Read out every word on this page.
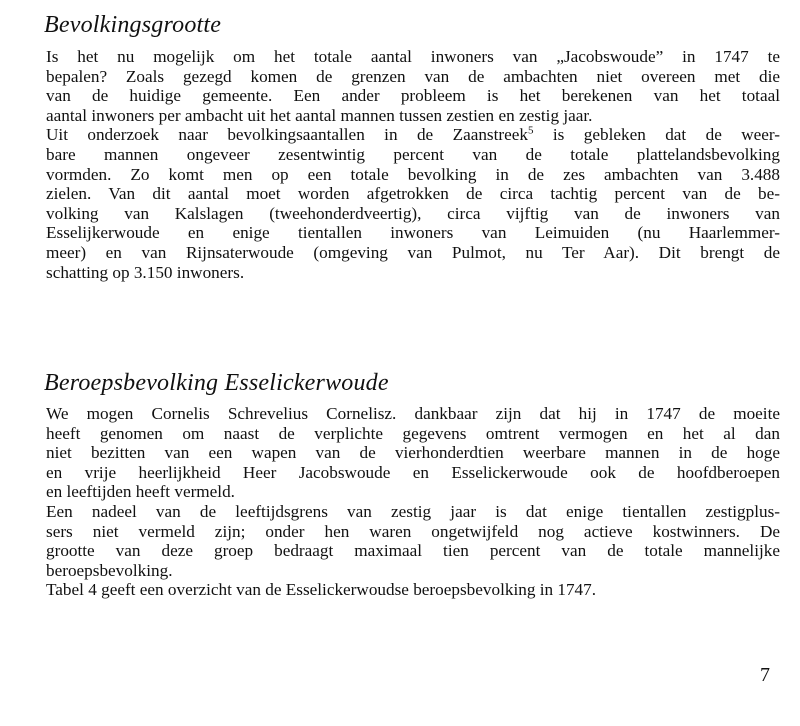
Bevolkingsgrootte

Is het nu mogelijk om het totale aantal inwoners van „Jacobswoude” in 1747 te
bepalen? Zoals gezegd komen de grenzen van de ambachten niet overeen met die
van de huidige gemeente. Een ander probleem is het berekenen van het totaal
aantal inwoners per ambacht uit het aantal mannen tussen zestien en zestig jaar.

Uit onderzoek naar bevolkingsaantallen in de Zaanstreek$^5$ is gebleken dat de weer-
bare mannen ongeveer zesentwintig percent van de totale plattelandsbevolking
vormden. Zo komt men op een totale bevolking in de zes ambachten van 3.488
zielen. Van dit aantal moet worden afgetrokken de circa tachtig percent van de be-
volking van Kalslagen (tweehonderdveertig), circa vijftig van de inwoners van
Esselijkerwoude en enige tientallen inwoners van Leimuiden (nu Haarlemmer-
meer) en van Rijnsaterwoude (omgeving van Pulmot, nu Ter Aar). Dit brengt de
schatting op 3.150 inwoners.

Beroepsbevolking Esselickerwoude

We mogen Cornelis Schrevelius Cornelisz. dankbaar zijn dat hij in 1747 de moeite
heeft genomen om naast de verplichte gegevens omtrent vermogen en het al dan
niet bezitten van een wapen van de vierhonderdtien weerbare mannen in de hoge
en vrije heerlijkheid Heer Jacobswoude en Esselickerwoude ook de hoofdberoepen
en leeftijden heeft vermeld.

Een nadeel van de leeftijdsgrens van zestig jaar is dat enige tientallen zestigplus-
sers niet vermeld zijn; onder hen waren ongetwijfeld nog actieve kostwinners. De
grootte van deze groep bedraagt maximaal tien percent van de totale mannelijke
beroepsbevolking.

Tabel 4 geeft een overzicht van de Esselickerwoudse beroepsbevolking in 1747.

7
